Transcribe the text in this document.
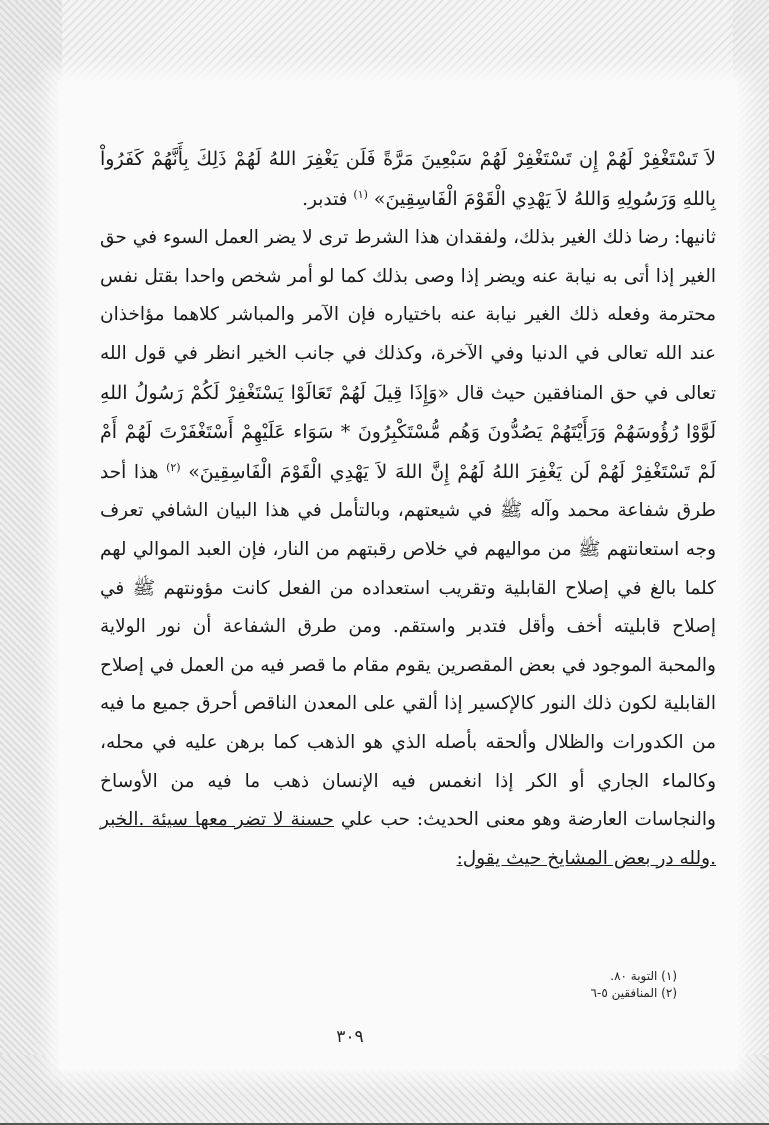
لاَ تَسْتَغْفِرْ لَهُمْ إِن تَسْتَغْفِرْ لَهُمْ سَبْعِينَ مَرَّةً فَلَن يَغْفِرَ اللهُ لَهُمْ ذَلِكَ بِأَنَّهُمْ كَفَرُواْ بِاللهِ وَرَسُولِهِ وَاللهُ لاَ يَهْدِي الْقَوْمَ الْفَاسِقِينَ» $^{(١)}$ فتدبر.

ثانيها: رضا ذلك الغير بذلك، ولفقدان هذا الشرط ترى لا يضر العمل السوء في حق الغير إذا أتى به نيابة عنه ويضر إذا وصى بذلك كما لو أمر شخص واحدا بقتل نفس محترمة وفعله ذلك الغير نيابة عنه باختياره فإن الآمر والمباشر كلاهما مؤاخذان عند الله تعالى في الدنيا وفي الآخرة، وكذلك في جانب الخير انظر في قول الله تعالى في حق المنافقين حيث قال «وَإِذَا قِيلَ لَهُمْ تَعَالَوْا يَسْتَغْفِرْ لَكُمْ رَسُولُ اللهِ لَوَّوْا رُؤُوسَهُمْ وَرَأَيْتَهُمْ يَصُدُّونَ وَهُم مُّسْتَكْبِرُونَ * سَوَاء عَلَيْهِمْ أَسْتَغْفَرْتَ لَهُمْ أَمْ لَمْ تَسْتَغْفِرْ لَهُمْ لَن يَغْفِرَ اللهُ لَهُمْ إِنَّ اللهَ لاَ يَهْدِي الْقَوْمَ الْفَاسِقِينَ» $^{(٢)}$ هذا أحد طرق شفاعة محمد وآله ﷺ في شيعتهم، وبالتأمل في هذا البيان الشافي تعرف وجه استعانتهم ﷺ من مواليهم في خلاص رقبتهم من النار، فإن العبد الموالي لهم كلما بالغ في إصلاح القابلية وتقريب استعداده من الفعل كانت مؤونتهم ﷺ في إصلاح قابليته أخف وأقل فتدبر واستقم. ومن طرق الشفاعة أن نور الولاية والمحبة الموجود في بعض المقصرين يقوم مقام ما قصر فيه من العمل في إصلاح القابلية لكون ذلك النور كالإكسير إذا ألقي على المعدن الناقص أحرق جميع ما فيه من الكدورات والظلال وألحقه بأصله الذي هو الذهب كما برهن عليه في محله، وكالماء الجاري أو الكر إذا انغمس فيه الإنسان ذهب ما فيه من الأوساخ والنجاسات العارضة وهو معنى الحديث: حب علي حسنة لا تضر معها سيئة .الخبر .ولله در بعض المشايخ حيث يقول:

(١) التوبة ٨٠.
(٢) المنافقين ٥-٦
٣٠٩
